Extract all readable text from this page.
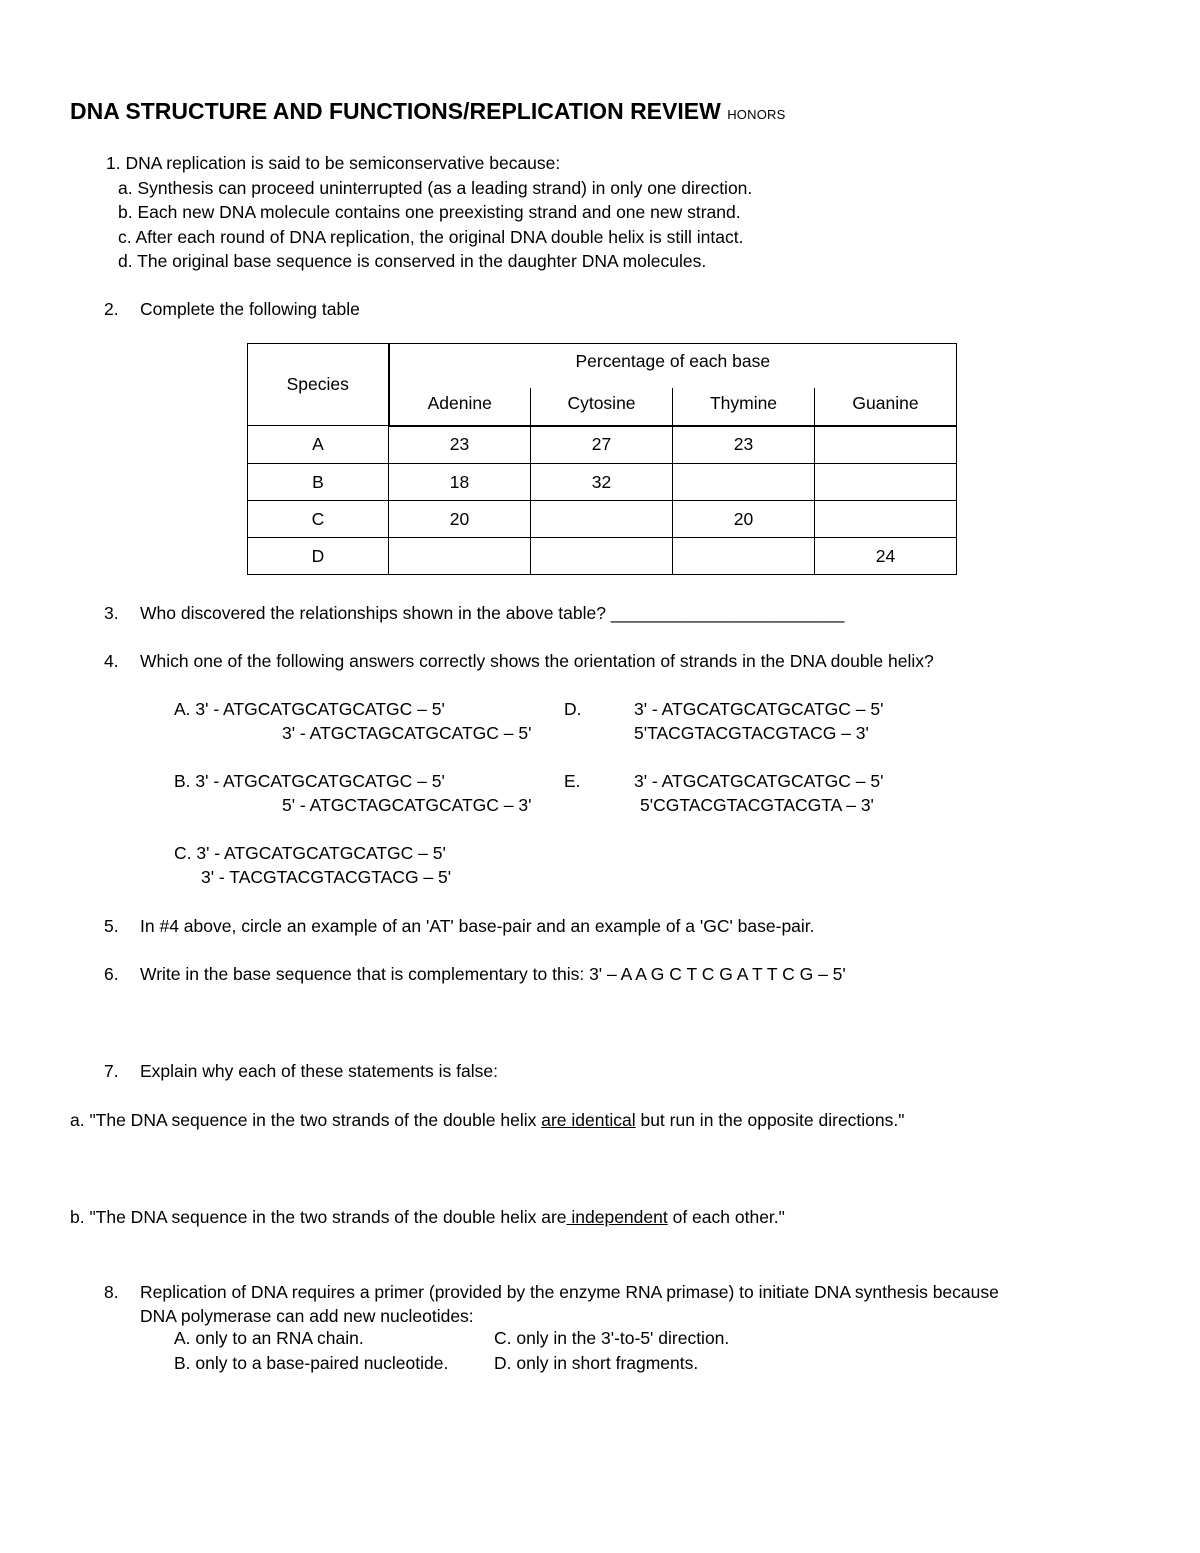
DNA STRUCTURE AND FUNCTIONS/REPLICATION REVIEW HONORS
1. DNA replication is said to be semiconservative because:
a. Synthesis can proceed uninterrupted (as a leading strand) in only one direction.
b. Each new DNA molecule contains one preexisting strand and one new strand.
c. After each round of DNA replication, the original DNA double helix is still intact.
d. The original base sequence is conserved in the daughter DNA molecules.
2. Complete the following table
Species	Percentage of each base			
	Adenine	Cytosine	Thymine	Guanine
A	23	27	23	
B	18	32		
C	20		20	
D				24
3. Who discovered the relationships shown in the above table? ________________________
4. Which one of the following answers correctly shows the orientation of strands in the DNA double helix?
A. 3' - ATGCATGCATGCATGC – 5'
3' - ATGCTAGCATGCATGC – 5'
D.	3' - ATGCATGCATGCATGC – 5'
5'TACGTACGTACGTACG – 3'
B. 3' - ATGCATGCATGCATGC – 5'
5' - ATGCTAGCATGCATGC – 3'
E.	3' - ATGCATGCATGCATGC – 5'
5'CGTACGTACGTACGTA – 3'
C. 3' - ATGCATGCATGCATGC – 5'
3' - TACGTACGTACGTACG – 5'
5. In #4 above, circle an example of an 'AT' base-pair and an example of a 'GC' base-pair.
6. Write in the base sequence that is complementary to this: 3' – A A G C T C G A T T C G – 5'
7. Explain why each of these statements is false:
a. "The DNA sequence in the two strands of the double helix are identical but run in the opposite directions."
b. "The DNA sequence in the two strands of the double helix are independent of each other."
8. Replication of DNA requires a primer (provided by the enzyme RNA primase) to initiate DNA synthesis because
DNA polymerase can add new nucleotides:
A. only to an RNA chain.	C. only in the 3'-to-5' direction.
B. only to a base-paired nucleotide.	D. only in short fragments.
